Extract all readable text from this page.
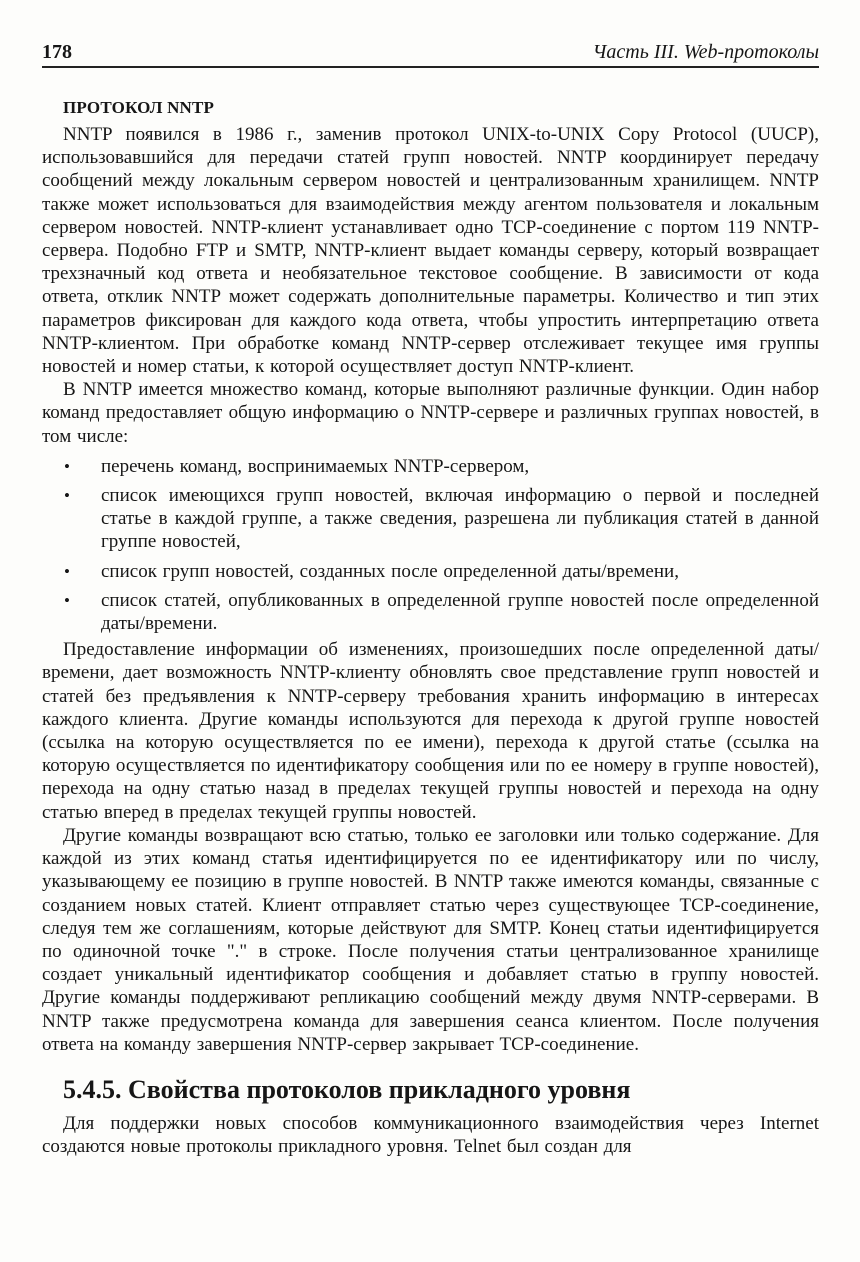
178	Часть III. Web-протоколы
ПРОТОКОЛ NNTP

NNTP появился в 1986 г., заменив протокол UNIX-to-UNIX Copy Protocol (UUCP), использовавшийся для передачи статей групп новостей. NNTP координирует передачу сообщений между локальным сервером новостей и централизованным хранилищем. NNTP также может использоваться для взаимодействия между агентом пользователя и локальным сервером новостей. NNTP-клиент устанавливает одно TCP-соединение с портом 119 NNTP-сервера. Подобно FTP и SMTP, NNTP-клиент выдает команды серверу, который возвращает трехзначный код ответа и необязательное текстовое сообщение. В зависимости от кода ответа, отклик NNTP может содержать дополнительные параметры. Количество и тип этих параметров фиксирован для каждого кода ответа, чтобы упростить интерпретацию ответа NNTP-клиентом. При обработке команд NNTP-сервер отслеживает текущее имя группы новостей и номер статьи, к которой осуществляет доступ NNTP-клиент.

В NNTP имеется множество команд, которые выполняют различные функции. Один набор команд предоставляет общую информацию о NNTP-сервере и различных группах новостей, в том числе:

•	перечень команд, воспринимаемых NNTP-сервером,
•	список имеющихся групп новостей, включая информацию о первой и последней статье в каждой группе, а также сведения, разрешена ли публикация статей в данной группе новостей,
•	список групп новостей, созданных после определенной даты/времени,
•	список статей, опубликованных в определенной группе новостей после определенной даты/времени.

Предоставление информации об изменениях, произошедших после определенной даты/времени, дает возможность NNTP-клиенту обновлять свое представление групп новостей и статей без предъявления к NNTP-серверу требования хранить информацию в интересах каждого клиента. Другие команды используются для перехода к другой группе новостей (ссылка на которую осуществляется по ее имени), перехода к другой статье (ссылка на которую осуществляется по идентификатору сообщения или по ее номеру в группе новостей), перехода на одну статью назад в пределах текущей группы новостей и перехода на одну статью вперед в пределах текущей группы новостей.

Другие команды возвращают всю статью, только ее заголовки или только содержание. Для каждой из этих команд статья идентифицируется по ее идентификатору или по числу, указывающему ее позицию в группе новостей. В NNTP также имеются команды, связанные с созданием новых статей. Клиент отправляет статью через существующее TCP-соединение, следуя тем же соглашениям, которые действуют для SMTP. Конец статьи идентифицируется по одиночной точке "." в строке. После получения статьи централизованное хранилище создает уникальный идентификатор сообщения и добавляет статью в группу новостей. Другие команды поддерживают репликацию сообщений между двумя NNTP-серверами. В NNTP также предусмотрена команда для завершения сеанса клиентом. После получения ответа на команду завершения NNTP-сервер закрывает TCP-соединение.

5.4.5. Свойства протоколов прикладного уровня

Для поддержки новых способов коммуникационного взаимодействия через Internet создаются новые протоколы прикладного уровня. Telnet был создан для
